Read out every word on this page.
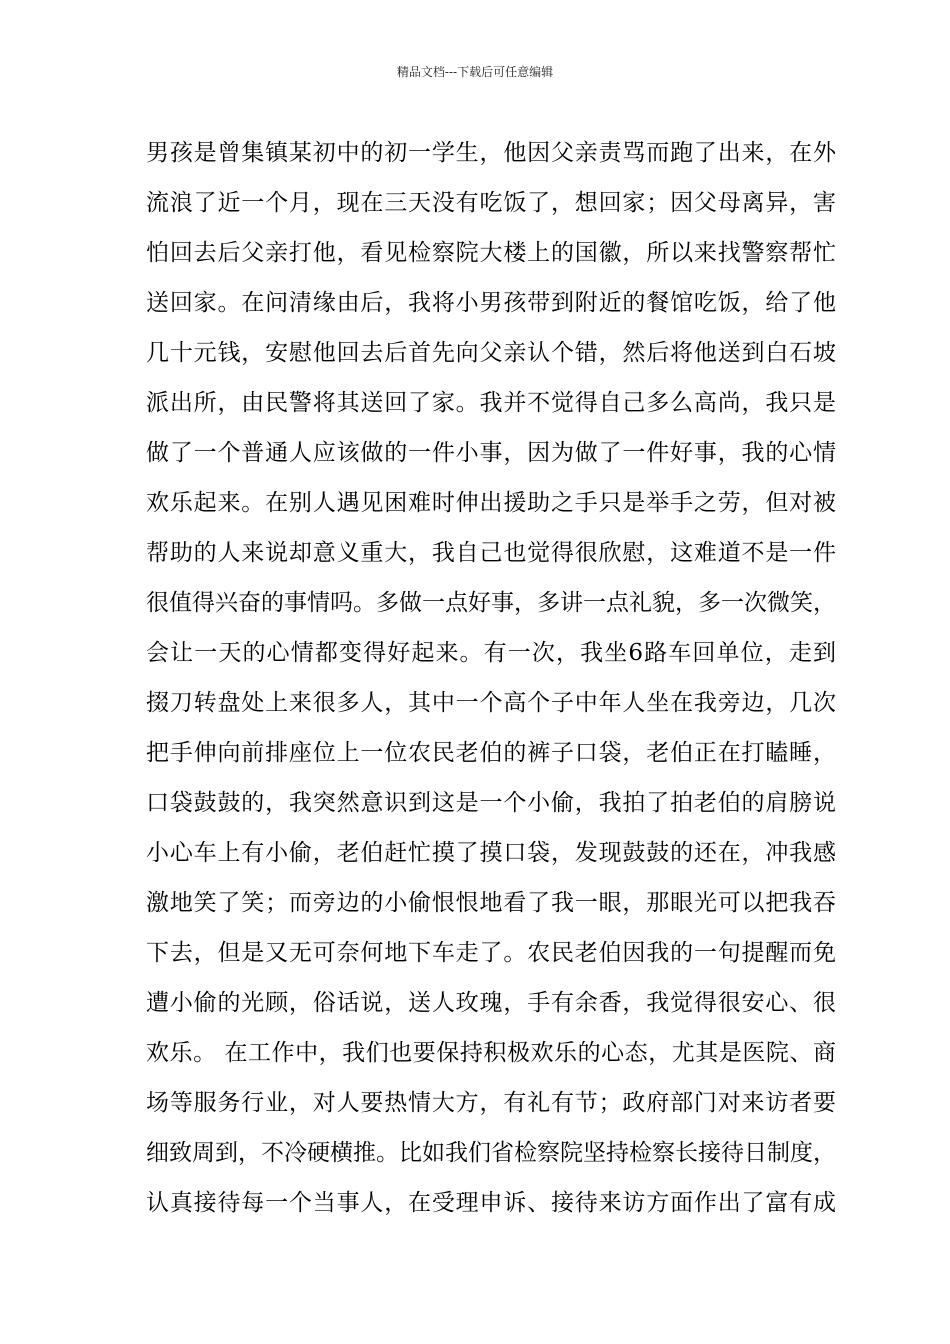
精品文档---下载后可任意编辑
男孩是曾集镇某初中的初一学生，他因父亲责骂而跑了出来，在外
流浪了近一个月，现在三天没有吃饭了，想回家；因父母离异，害
怕回去后父亲打他，看见检察院大楼上的国徽，所以来找警察帮忙
送回家。在问清缘由后，我将小男孩带到附近的餐馆吃饭，给了他
几十元钱，安慰他回去后首先向父亲认个错，然后将他送到白石坡
派出所，由民警将其送回了家。我并不觉得自己多么高尚，我只是
做了一个普通人应该做的一件小事，因为做了一件好事，我的心情
欢乐起来。在别人遇见困难时伸出援助之手只是举手之劳，但对被
帮助的人来说却意义重大，我自己也觉得很欣慰，这难道不是一件
很值得兴奋的事情吗。多做一点好事，多讲一点礼貌，多一次微笑，
会让一天的心情都变得好起来。有一次，我坐6路车回单位，走到
掇刀转盘处上来很多人，其中一个高个子中年人坐在我旁边，几次
把手伸向前排座位上一位农民老伯的裤子口袋，老伯正在打瞌睡，
口袋鼓鼓的，我突然意识到这是一个小偷，我拍了拍老伯的肩膀说
小心车上有小偷，老伯赶忙摸了摸口袋，发现鼓鼓的还在，冲我感
激地笑了笑；而旁边的小偷恨恨地看了我一眼，那眼光可以把我吞
下去，但是又无可奈何地下车走了。农民老伯因我的一句提醒而免
遭小偷的光顾，俗话说，送人玫瑰，手有余香，我觉得很安心、很
欢乐。 在工作中，我们也要保持积极欢乐的心态，尤其是医院、商
场等服务行业，对人要热情大方，有礼有节；政府部门对来访者要
细致周到，不冷硬横推。比如我们省检察院坚持检察长接待日制度，
认真接待每一个当事人，在受理申诉、接待来访方面作出了富有成
